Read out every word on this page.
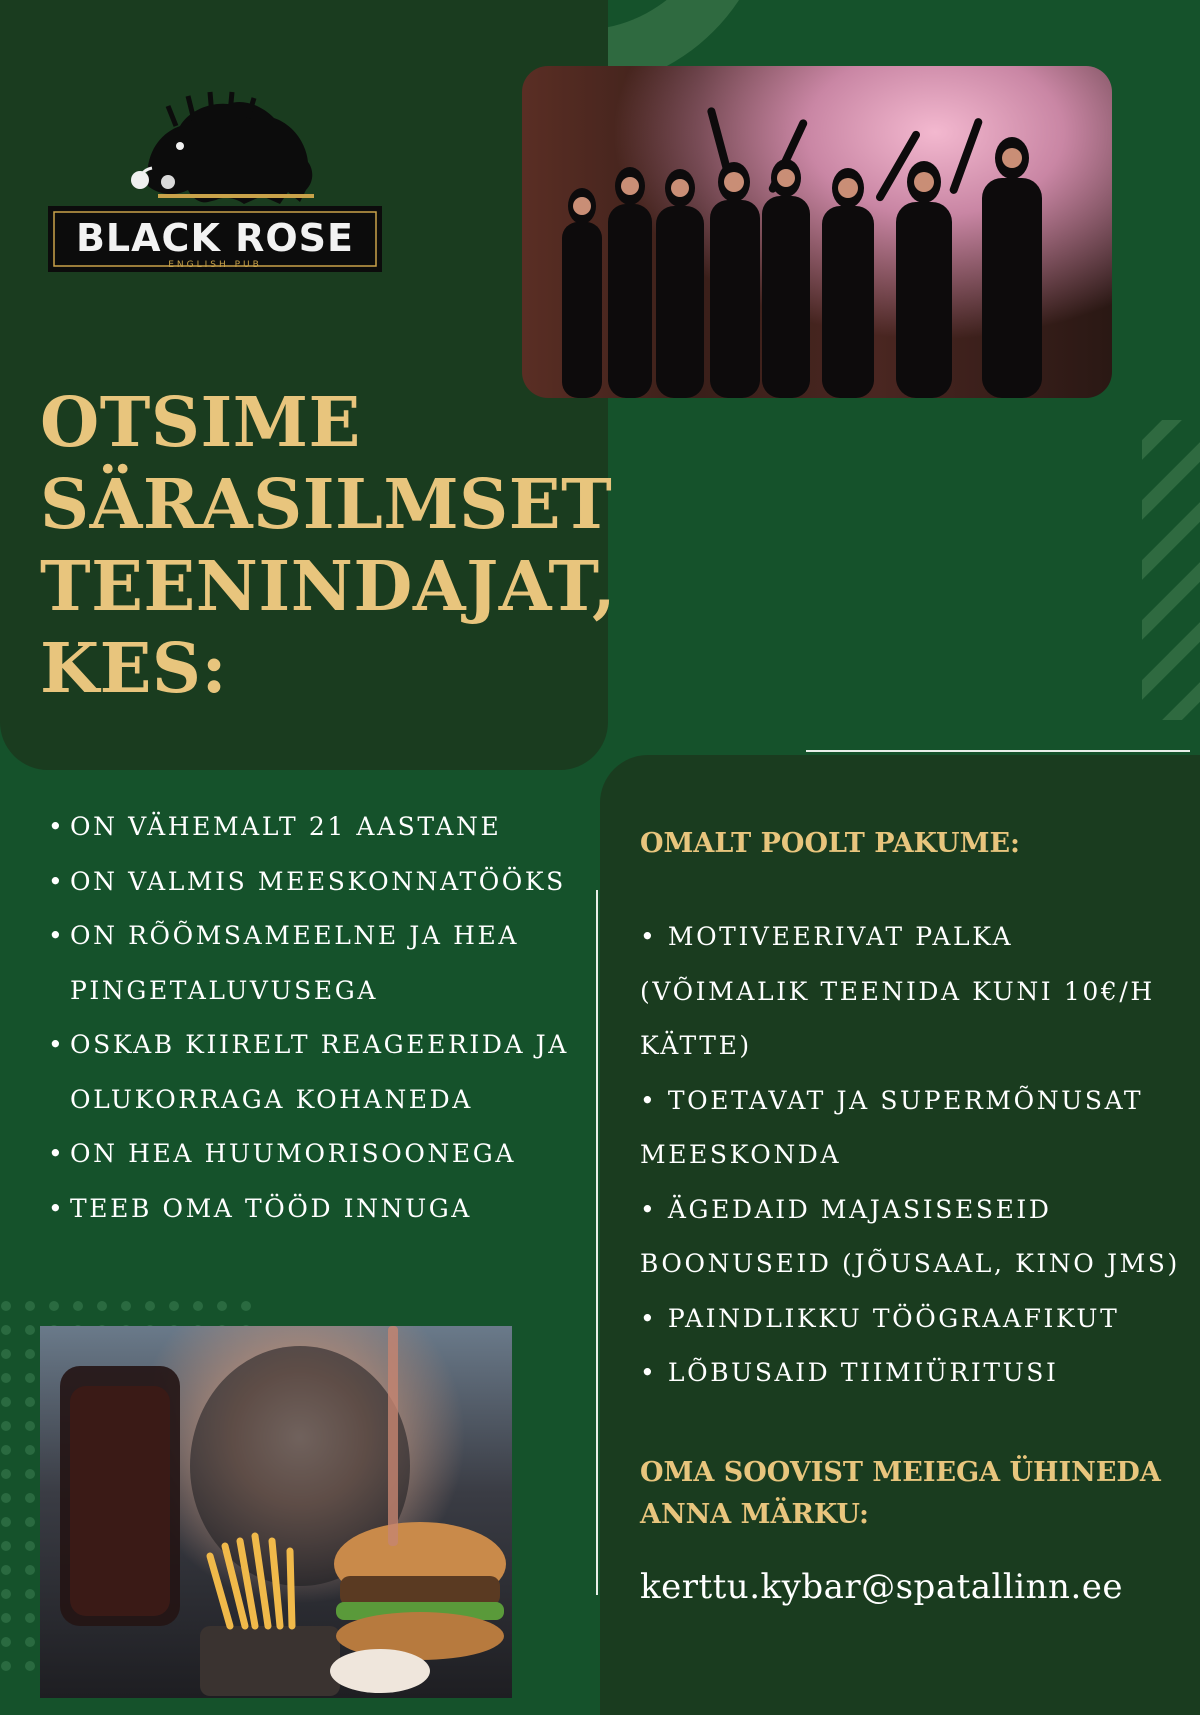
BLACK ROSE
ENGLISH PUB
OTSIME
SÄRASILMSET
TEENINDAJAT,
KES:
• ON VÄHEMALT 21 AASTANE
• ON VALMIS MEESKONNATÖÖKS
• ON RÕÕMSAMEELNE JA HEA PINGETALUVUSEGA
• OSKAB KIIRELT REAGEERIDA JA OLUKORRAGA KOHANEDA
• ON HEA HUUMORISOONEGA
• TEEB OMA TÖÖD INNUGA
OMALT POOLT PAKUME:

• MOTIVEERIVAT PALKA (VÕIMALIK TEENIDA KUNI 10€/H KÄTTE)

• TOETAVAT JA SUPERMÕNUSAT MEESKONDA

• ÄGEDAID MAJASISESEID BOONUSEID (JÕUSAAL, KINO JMS)

• PAINDLIKKU TÖÖGRAAFIKUT

• LÕBUSAID TIIMIÜRITUSI

OMA SOOVIST MEIEGA ÜHINEDA ANNA MÄRKU:

kerttu.kybar@spatallinn.ee
